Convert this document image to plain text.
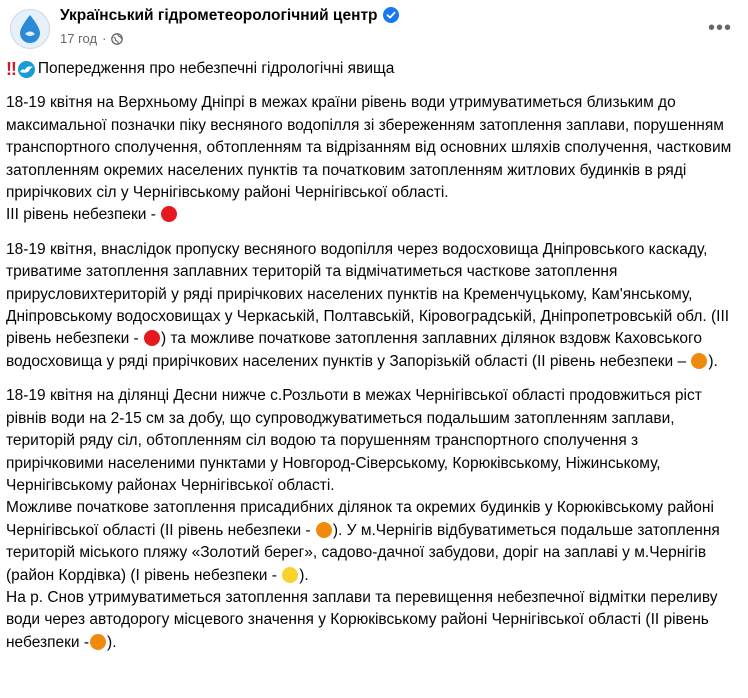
Український гідрометеорологічний центр
17 год ·	•••

‼ Попередження про небезпечні гідрологічні явища

18-19 квітня на Верхньому Дніпрі в межах країни рівень води утримуватиметься близьким до максимальної позначки піку весняного водопілля зі збереженням затоплення заплави, порушенням транспортного сполучення, обтопленням та відрізанням від основних шляхів сполучення, частковим затопленням окремих населених пунктів та початковим затопленням житлових будинків в ряді прирічкових сіл у Чернігівському районі Чернігівської області.
ІІІ рівень небезпеки -

18-19 квітня, внаслідок пропуску весняного водопілля через водосховища Дніпровського каскаду, триватиме затоплення заплавних територій та відмічатиметься часткове затоплення прирусловихтериторій у ряді прирічкових населених пунктів на Кременчуцькому, Кам'янському, Дніпровському водосховищах у Черкаській, Полтавській, Кіровоградській, Дніпропетровській обл. (ІІІ рівень небезпеки - ) та можливе початкове затоплення заплавних ділянок вздовж Каховського водосховища у ряді прирічкових населених пунктів у Запорізькій області (ІІ рівень небезпеки – ).

18-19 квітня на ділянці Десни нижче с.Розльоти в межах Чернігівської області продовжиться ріст рівнів води на 2-15 см за добу, що супроводжуватиметься подальшим затопленням заплави, територій ряду сіл, обтопленням сіл водою та порушенням транспортного сполучення з прирічковими населеними пунктами у Новгород-Сіверському, Корюківському, Ніжинському, Чернігівському районах Чернігівської області.
Можливе початкове затоплення присадибних ділянок та окремих будинків у Корюківському районі Чернігівської області (ІІ рівень небезпеки - ). У м.Чернігів відбуватиметься подальше затоплення територій міського пляжу «Золотий берег», садово-дачної забудови, доріг на заплаві у м.Чернігів (район Кордівка) (І рівень небезпеки - ).
На р. Снов утримуватиметься затоплення заплави та перевищення небезпечної відмітки переливу води через автодорогу місцевого значення у Корюківському районі Чернігівської області (ІІ рівень небезпеки - ).
